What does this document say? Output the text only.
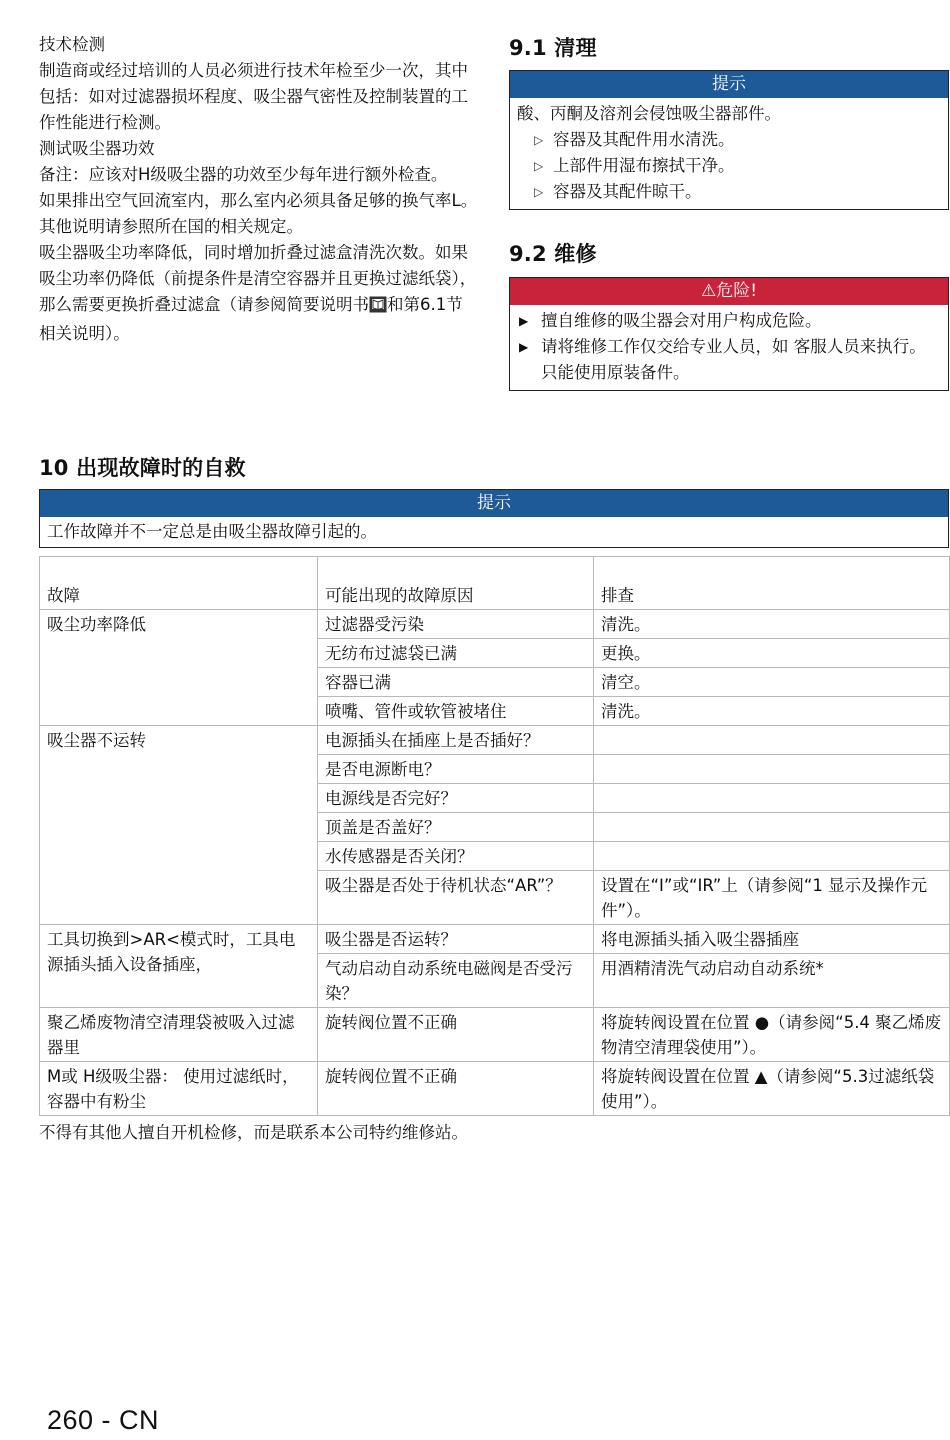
技术检测

制造商或经过培训的人员必须进行技术年检至少一次，其中包括：如对过滤器损坏程度、吸尘器气密性及控制装置的工作性能进行检测。

测试吸尘器功效

备注：应该对H级吸尘器的功效至少每年进行额外检查。

如果排出空气回流室内，那么室内必须具备足够的换气率L。 其他说明请参照所在国的相关规定。

吸尘器吸尘功率降低，同时增加折叠过滤盒清洗次数。如果吸尘功率仍降低（前提条件是清空容器并且更换过滤纸袋），那么需要更换折叠过滤盒（请参阅简要说明书 和第6.1节相关说明）。

9.1 清理
提示
酸、丙酮及溶剂会侵蚀吸尘器部件。
▷ 容器及其配件用水清洗。
▷ 上部件用湿布擦拭干净。
▷ 容器及其配件晾干。
9.2 维修
⚠危险!
▶ 擅自维修的吸尘器会对用户构成危险。
▶ 请将维修工作仅交给专业人员，如 客服人员来执行。 只能使用原装备件。
10 出现故障时的自救
提示
工作故障并不一定总是由吸尘器故障引起的。
故障	可能出现的故障原因	排查
吸尘功率降低	过滤器受污染	清洗。
	无纺布过滤袋已满	更换。
	容器已满	清空。
	喷嘴、管件或软管被堵住	清洗。
吸尘器不运转	电源插头在插座上是否插好？	
	是否电源断电？	
	电源线是否完好？	
	顶盖是否盖好？	
	水传感器是否关闭？	
	吸尘器是否处于待机状态“AR”？	设置在“I”或“IR”上（请参阅“1 显示及操作元件”）。
工具切换到>AR<模式时，工具电源插头插入设备插座，	吸尘器是否运转？	将电源插头插入吸尘器插座
	气动启动自动系统电磁阀是否受污染？	用酒精清洗气动启动自动系统*
聚乙烯废物清空清理袋被吸入过滤器里	旋转阀位置不正确	将旋转阀设置在位置 ●（请参阅“5.4 聚乙烯废物清空清理袋使用”）。
M或 H级吸尘器： 使用过滤纸时，容器中有粉尘	旋转阀位置不正确	将旋转阀设置在位置 ▲（请参阅“5.3过滤纸袋使用”）。
不得有其他人擅自开机检修，而是联系本公司特约维修站。
260 - CN
